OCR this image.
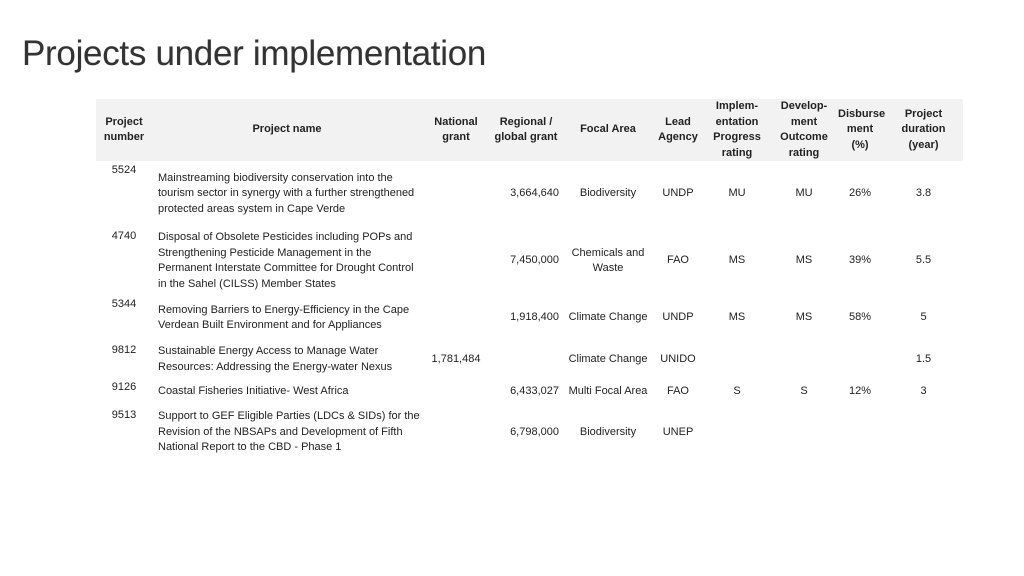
Projects under implementation
Project number	Project name	National grant	Regional / global grant	Focal Area	Lead Agency	Implem-entation Progress rating	Develop-ment Outcome rating	Disburse ment (%)	Project duration (year)
5524	Mainstreaming biodiversity conservation into the tourism sector in synergy with a further strengthened protected areas system in Cape Verde		3,664,640	Biodiversity	UNDP	MU	MU	26%	3.8
4740	Disposal of Obsolete Pesticides including POPs and Strengthening Pesticide Management in the Permanent Interstate Committee for Drought Control in the Sahel (CILSS) Member States		7,450,000	Chemicals and Waste	FAO	MS	MS	39%	5.5
5344	Removing Barriers to Energy-Efficiency in the Cape Verdean Built Environment and for Appliances		1,918,400	Climate Change	UNDP	MS	MS	58%	5
9812	Sustainable Energy Access to Manage Water Resources: Addressing the Energy-water Nexus	1,781,484		Climate Change	UNIDO				1.5
9126	Coastal Fisheries Initiative- West Africa		6,433,027	Multi Focal Area	FAO	S	S	12%	3
9513	Support to GEF Eligible Parties (LDCs & SIDs) for the Revision of the NBSAPs and Development of Fifth National Report to the CBD - Phase 1		6,798,000	Biodiversity	UNEP				
